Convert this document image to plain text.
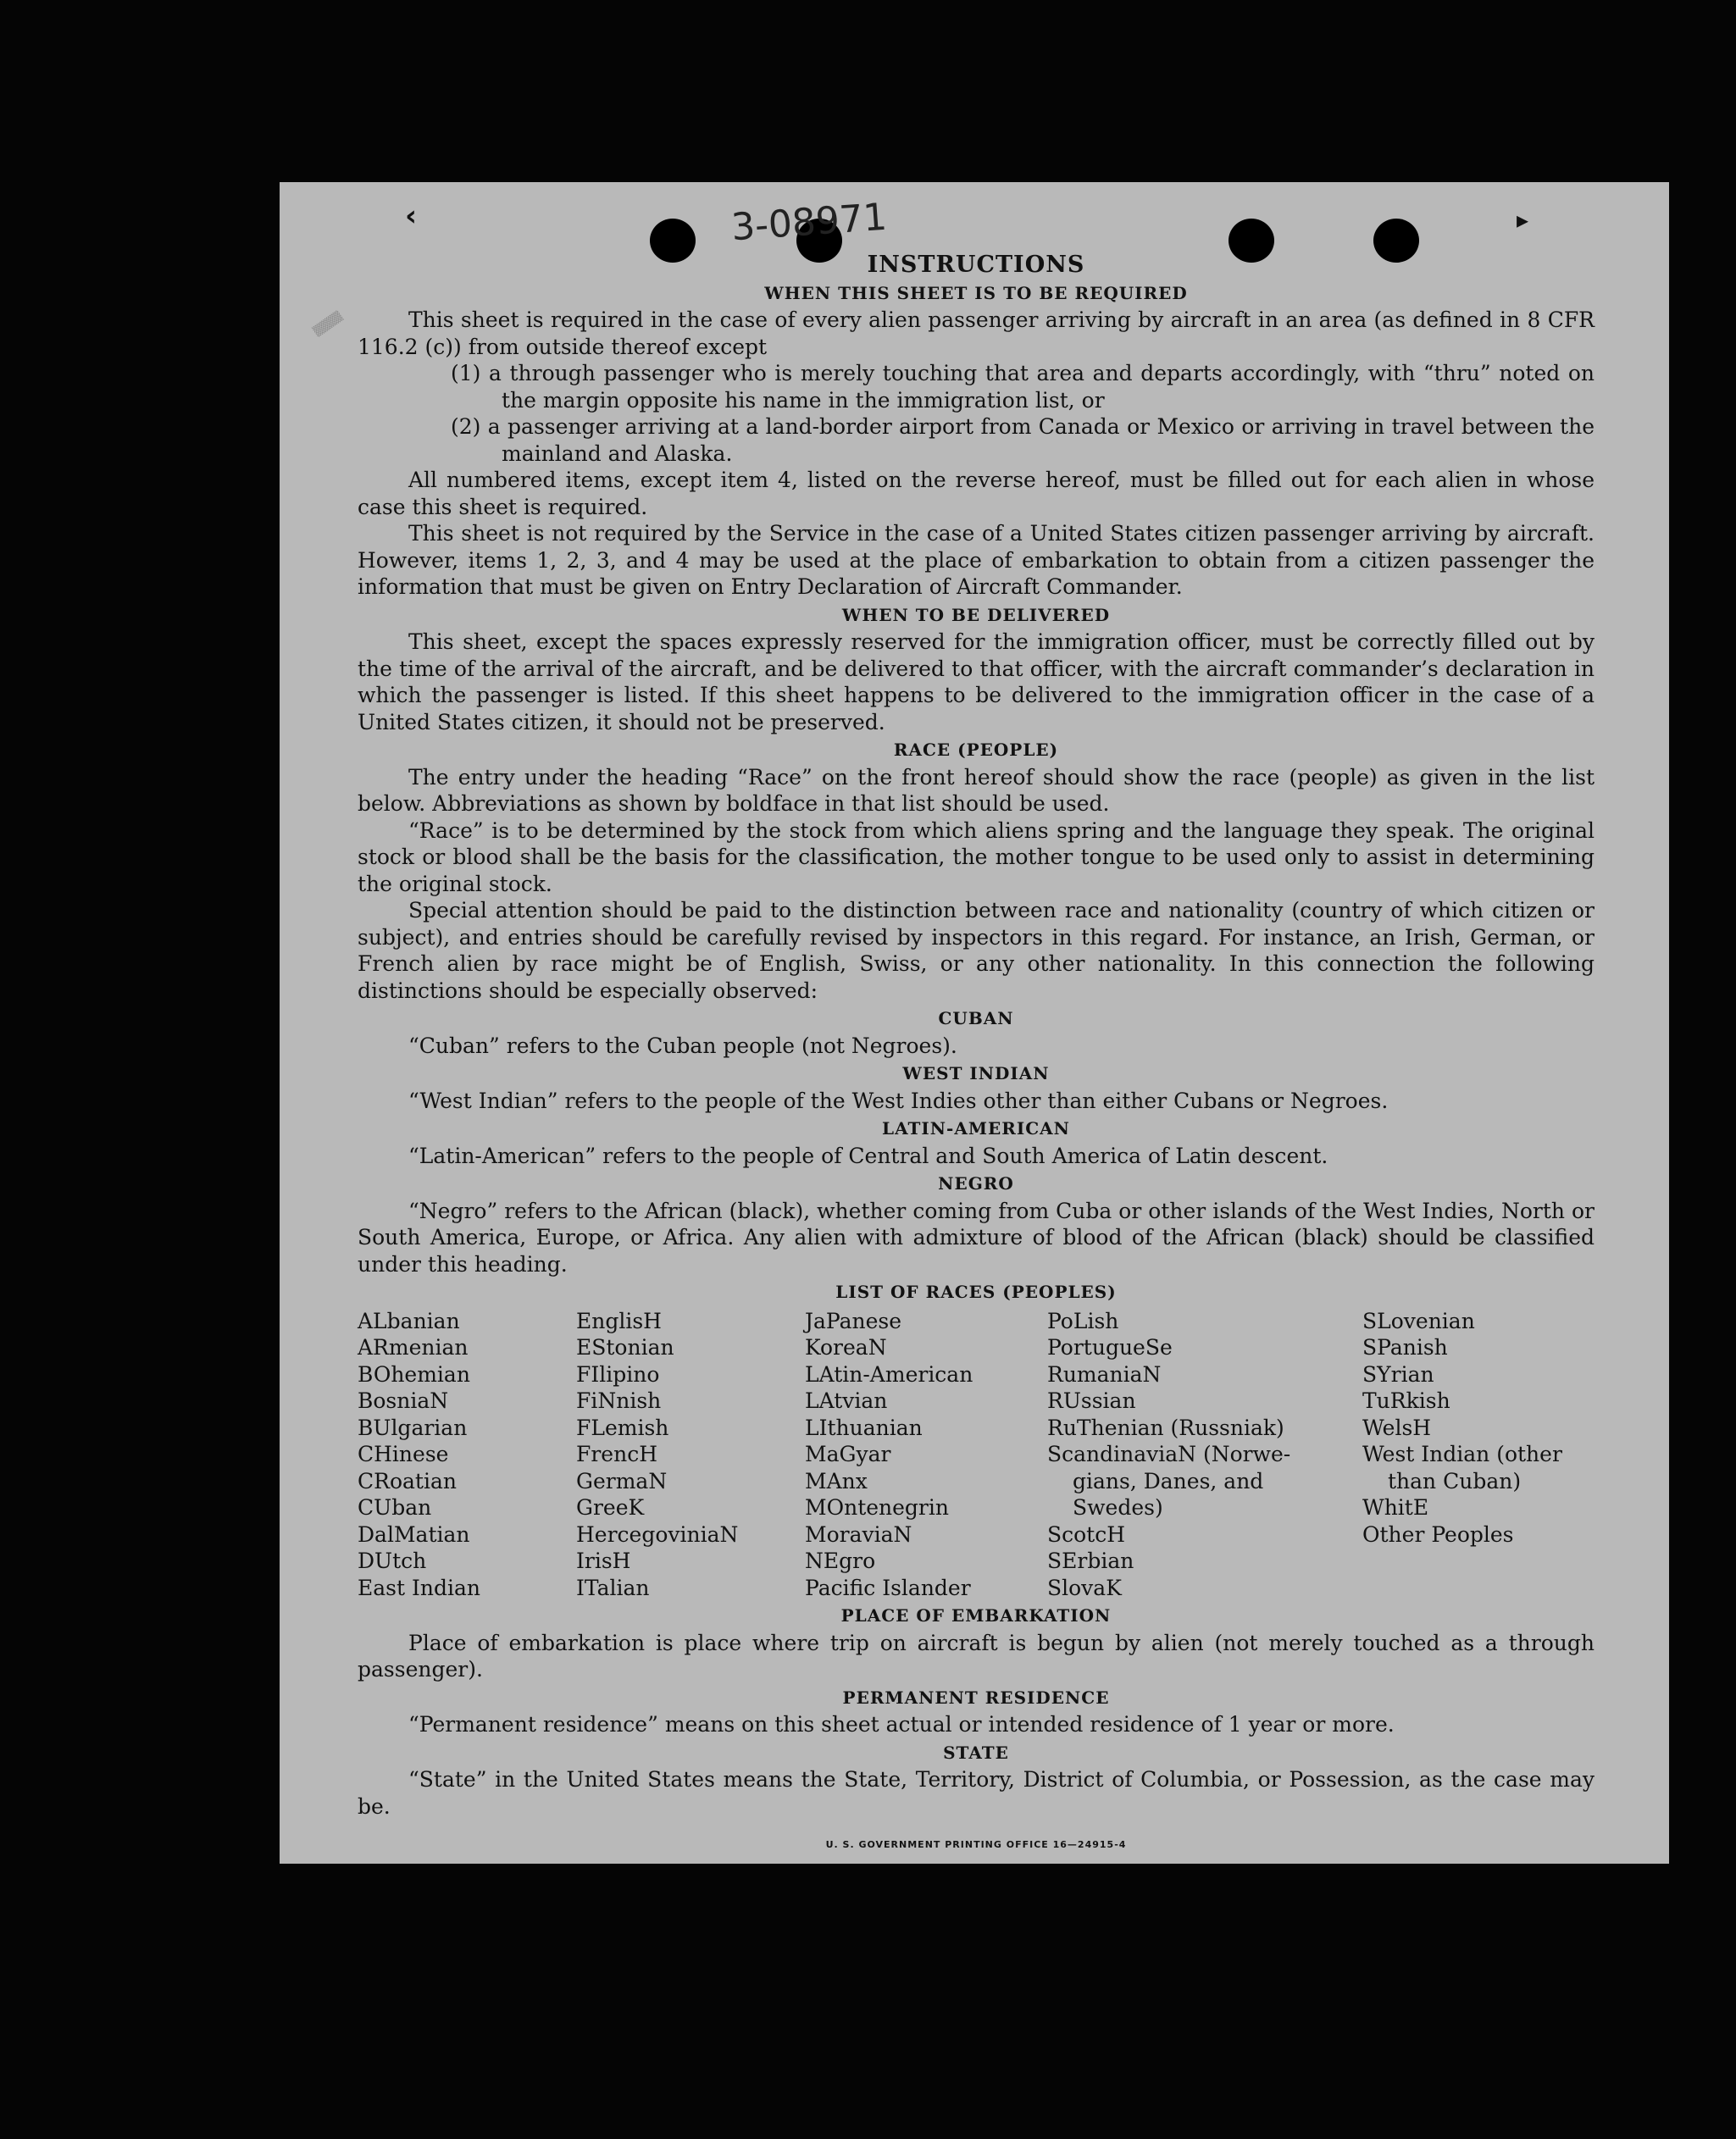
3-08971
‹	▸
▒▒▒▒
INSTRUCTIONS
WHEN THIS SHEET IS TO BE REQUIRED

This sheet is required in the case of every alien passenger arriving by aircraft in an area (as defined in 8 CFR 116.2 (c)) from outside thereof except

(1) a through passenger who is merely touching that area and departs accordingly, with “thru” noted on the margin opposite his name in the immigration list, or
(2) a passenger arriving at a land-border airport from Canada or Mexico or arriving in travel between the mainland and Alaska.

All numbered items, except item 4, listed on the reverse hereof, must be filled out for each alien in whose case this sheet is required.

This sheet is not required by the Service in the case of a United States citizen passenger arriving by aircraft. However, items 1, 2, 3, and 4 may be used at the place of embarkation to obtain from a citizen passenger the information that must be given on Entry Declaration of Aircraft Commander.

WHEN TO BE DELIVERED

This sheet, except the spaces expressly reserved for the immigration officer, must be correctly filled out by the time of the arrival of the aircraft, and be delivered to that officer, with the aircraft commander’s declaration in which the passenger is listed. If this sheet happens to be delivered to the immigration officer in the case of a United States citizen, it should not be preserved.

RACE (PEOPLE)

The entry under the heading “Race” on the front hereof should show the race (people) as given in the list below. Abbreviations as shown by boldface in that list should be used.

“Race” is to be determined by the stock from which aliens spring and the language they speak. The original stock or blood shall be the basis for the classification, the mother tongue to be used only to assist in determining the original stock.

Special attention should be paid to the distinction between race and nationality (country of which citizen or subject), and entries should be carefully revised by inspectors in this regard. For instance, an Irish, German, or French alien by race might be of English, Swiss, or any other nationality. In this connection the following distinctions should be especially observed:

CUBAN
“Cuban” refers to the Cuban people (not Negroes).
WEST INDIAN
“West Indian” refers to the people of the West Indies other than either Cubans or Negroes.
LATIN-AMERICAN
“Latin-American” refers to the people of Central and South America of Latin descent.
NEGRO

“Negro” refers to the African (black), whether coming from Cuba or other islands of the West Indies, North or South America, Europe, or Africa. Any alien with admixture of blood of the African (black) should be classified under this heading.

LIST OF RACES (PEOPLES)
ALbanian
ARmenian
BOhemian
BosniaN
BUlgarian
CHinese
CRoatian
CUban
DalMatian
DUtch
East Indian
EnglisH
EStonian
FIlipino
FiNnish
FLemish
FrencH
GermaN
GreeK
HercegoviniaN
IrisH
ITalian
JaPanese
KoreaN
LAtin-American
LAtvian
LIthuanian
MaGyar
MAnx
MOntenegrin
MoraviaN
NEgro
Pacific Islander
PoLish
PortugueSe
RumaniaN
RUssian
RuThenian (Russniak)
ScandinaviaN (Norwe-
gians, Danes, and
Swedes)
ScotcH
SErbian
SlovaK
SLovenian
SPanish
SYrian
TuRkish
WelsH
West Indian (other
than Cuban)
WhitE
Other Peoples
PLACE OF EMBARKATION

Place of embarkation is place where trip on aircraft is begun by alien (not merely touched as a through passenger).

PERMANENT RESIDENCE

“Permanent residence” means on this sheet actual or intended residence of 1 year or more.

STATE

“State” in the United States means the State, Territory, District of Columbia, or Possession, as the case may be.

U. S. GOVERNMENT PRINTING OFFICE 16—24915-4
